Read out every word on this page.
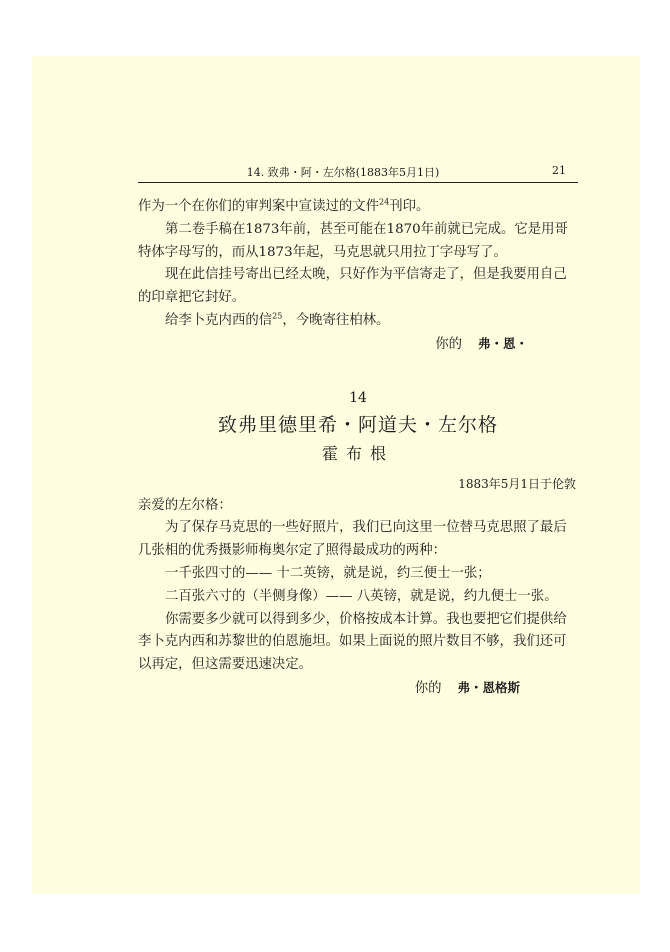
14. 致弗・阿・左尔格(1883年5月1日)	21

作为一个在你们的审判案中宣读过的文件$^{24}$刊印。

第二卷手稿在1873年前，甚至可能在1870年前就已完成。它是用哥特体字母写的，而从1873年起，马克思就只用拉丁字母写了。

现在此信挂号寄出已经太晚，只好作为平信寄走了，但是我要用自己的印章把它封好。

给李卜克内西的信$^{25}$，今晚寄往柏林。

你的 弗・恩・

14
致弗里德里希・阿道夫・左尔格
霍布根
1883年5月1日于伦敦

亲爱的左尔格：

为了保存马克思的一些好照片，我们已向这里一位替马克思照了最后几张相的优秀摄影师梅奥尔定了照得最成功的两种：

一千张四寸的—— 十二英镑，就是说，约三便士一张；

二百张六寸的（半侧身像）—— 八英镑，就是说，约九便士一张。

你需要多少就可以得到多少，价格按成本计算。我也要把它们提供给李卜克内西和苏黎世的伯恩施坦。如果上面说的照片数目不够，我们还可以再定，但这需要迅速决定。

你的 弗・恩格斯
